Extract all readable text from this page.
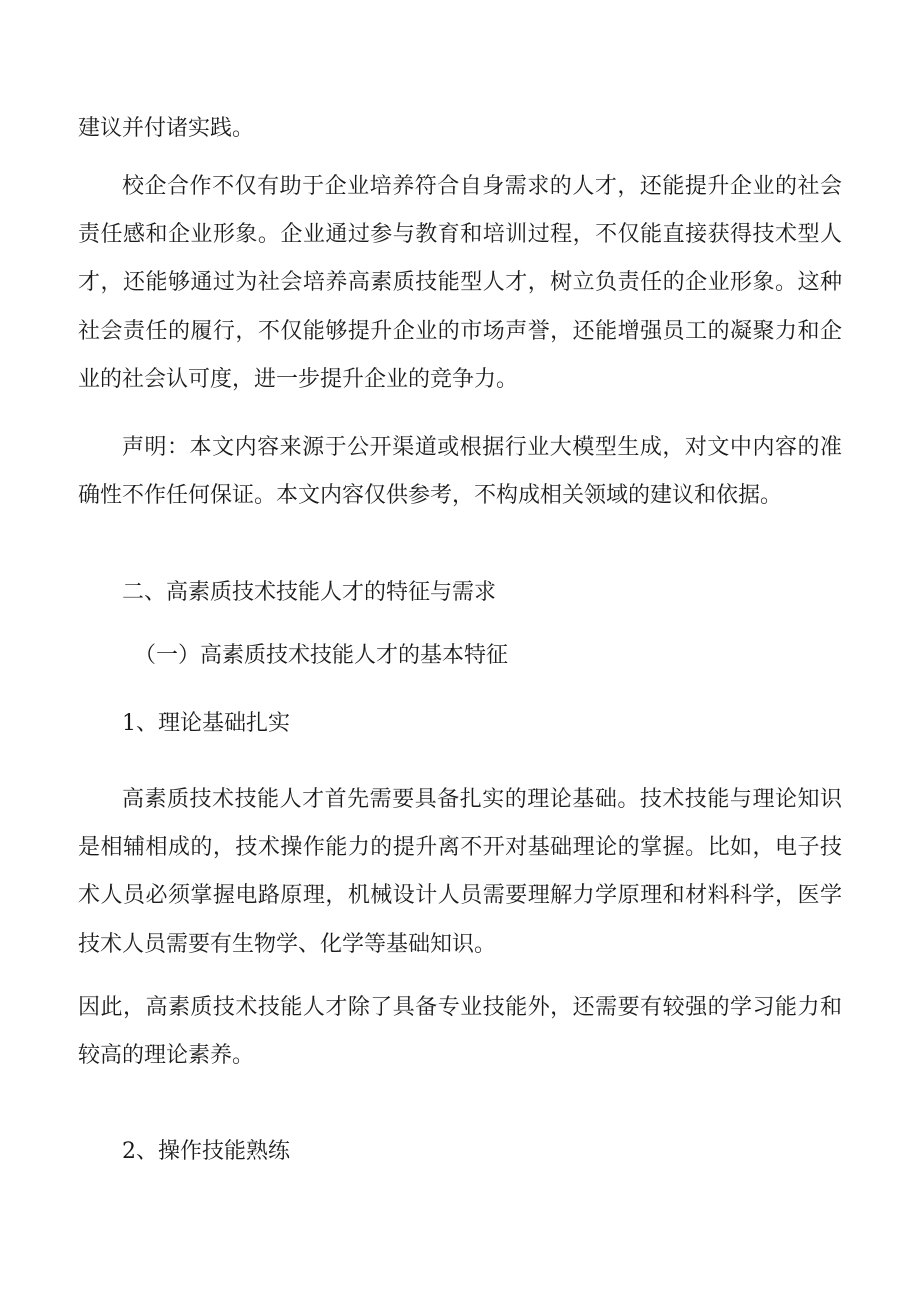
建议并付诸实践。

校企合作不仅有助于企业培养符合自身需求的人才，还能提升企业的社会责任感和企业形象。企业通过参与教育和培训过程，不仅能直接获得技术型人才，还能够通过为社会培养高素质技能型人才，树立负责任的企业形象。这种社会责任的履行，不仅能够提升企业的市场声誉，还能增强员工的凝聚力和企业的社会认可度，进一步提升企业的竞争力。

声明：本文内容来源于公开渠道或根据行业大模型生成，对文中内容的准确性不作任何保证。本文内容仅供参考，不构成相关领域的建议和依据。

二、高素质技术技能人才的特征与需求
（一）高素质技术技能人才的基本特征
1、理论基础扎实

高素质技术技能人才首先需要具备扎实的理论基础。技术技能与理论知识是相辅相成的，技术操作能力的提升离不开对基础理论的掌握。比如，电子技术人员必须掌握电路原理，机械设计人员需要理解力学原理和材料科学，医学技术人员需要有生物学、化学等基础知识。

因此，高素质技术技能人才除了具备专业技能外，还需要有较强的学习能力和较高的理论素养。

2、操作技能熟练
